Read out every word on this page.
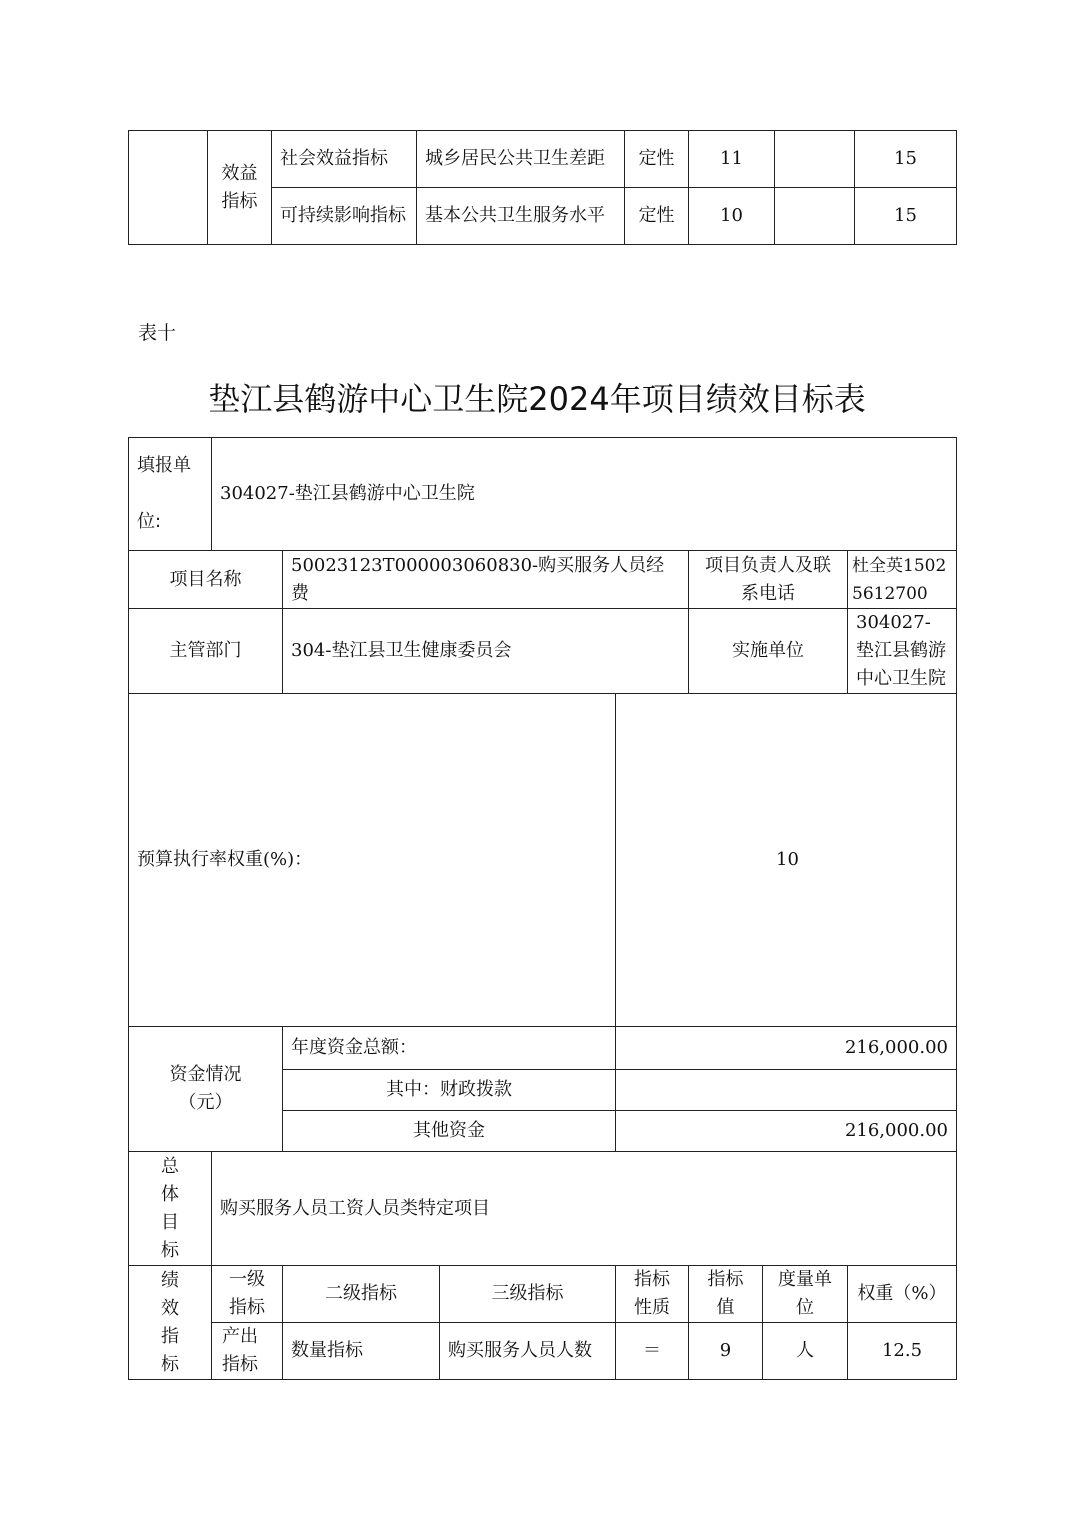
	效益指标	社会效益指标	城乡居民公共卫生差距	定性	11		15
		可持续影响指标	基本公共卫生服务水平	定性	10		15
表十
垫江县鹤游中心卫生院2024年项目绩效目标表
填报单位:	304027-垫江县鹤游中心卫生院						
项目名称		50023123T000003060830-购买服务人员经费			项目负责人及联系电话		杜全英15025612700
主管部门		304-垫江县卫生健康委员会			实施单位		304027-垫江县鹤游中心卫生院
预算执行率权重(%)：				10			
资金情况（元）		年度资金总额：		216,000.00			
		其中：财政拨款					
		其他资金		216,000.00			
总体目标	购买服务人员工资人员类特定项目						
绩效指标	一级指标	二级指标	三级指标	指标性质	指标值	度量单位	权重（%）
	产出指标	数量指标	购买服务人员人数	＝	9	人	12.5
